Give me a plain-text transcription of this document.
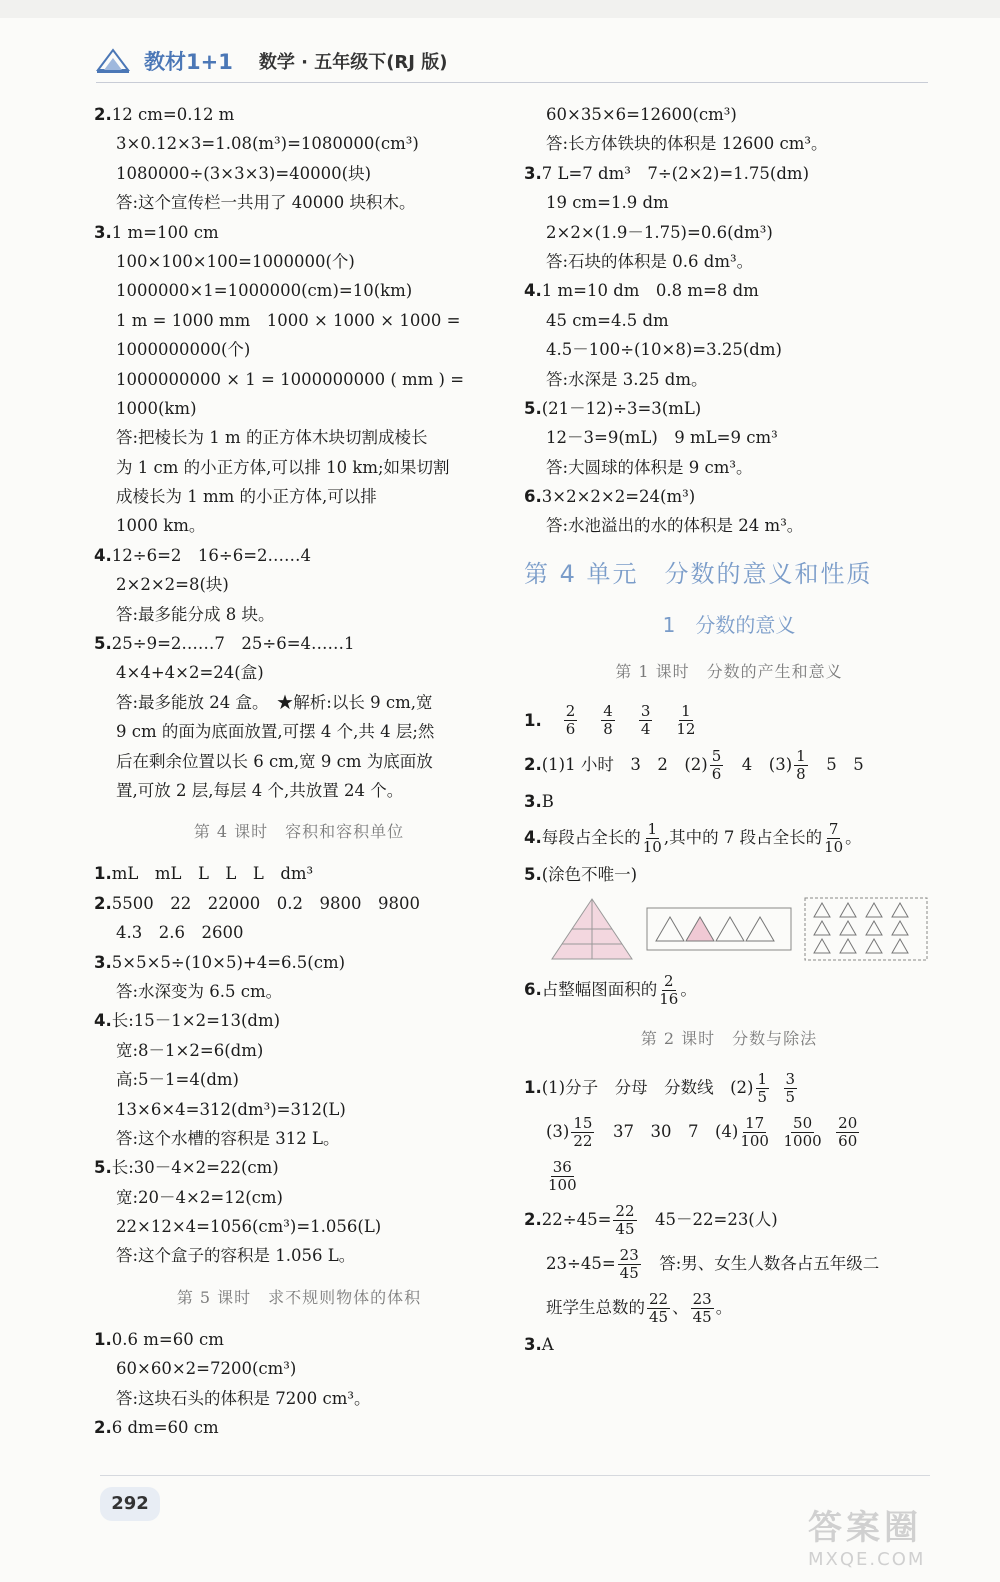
教材1+1 数学 · 五年级下(RJ 版)
2.12 cm=0.12 m
3×0.12×3=1.08(m³)=1080000(cm³)
1080000÷(3×3×3)=40000(块)
答:这个宣传栏一共用了 40000 块积木。
3.1 m=100 cm
100×100×100=1000000(个)
1000000×1=1000000(cm)=10(km)
1 m = 1000 mm　1000 × 1000 × 1000 =
1000000000(个)
1000000000 × 1 = 1000000000 ( mm ) =
1000(km)
答:把棱长为 1 m 的正方体木块切割成棱长
为 1 cm 的小正方体,可以排 10 km;如果切割
成棱长为 1 mm 的小正方体,可以排
1000 km。
4.12÷6=2　16÷6=2……4
2×2×2=8(块)
答:最多能分成 8 块。
5.25÷9=2……7　25÷6=4……1
4×4+4×2=24(盒)
答:最多能放 24 盒。　★解析:以长 9 cm,宽
9 cm 的面为底面放置,可摆 4 个,共 4 层;然
后在剩余位置以长 6 cm,宽 9 cm 为底面放
置,可放 2 层,每层 4 个,共放置 24 个。
第 4 课时　容积和容积单位
1.mL　mL　L　L　L　dm³
2.5500　22　22000　0.2　9800　9800
4.3　2.6　2600
3.5×5×5÷(10×5)+4=6.5(cm)
答:水深变为 6.5 cm。
4.长:15－1×2=13(dm)
宽:8－1×2=6(dm)
高:5－1=4(dm)
13×6×4=312(dm³)=312(L)
答:这个水槽的容积是 312 L。
5.长:30－4×2=22(cm)
宽:20－4×2=12(cm)
22×12×4=1056(cm³)=1.056(L)
答:这个盒子的容积是 1.056 L。
第 5 课时　求不规则物体的体积
1.0.6 m=60 cm
60×60×2=7200(cm³)
答:这块石头的体积是 7200 cm³。
2.6 dm=60 cm
60×35×6=12600(cm³)
答:长方体铁块的体积是 12600 cm³。
3.7 L=7 dm³　7÷(2×2)=1.75(dm)
19 cm=1.9 dm
2×2×(1.9－1.75)=0.6(dm³)
答:石块的体积是 0.6 dm³。
4.1 m=10 dm　0.8 m=8 dm
45 cm=4.5 dm
4.5－100÷(10×8)=3.25(dm)
答:水深是 3.25 dm。
5.(21－12)÷3=3(mL)
12－3=9(mL)　9 mL=9 cm³
答:大圆球的体积是 9 cm³。
6.3×2×2×2=24(m³)
答:水池溢出的水的体积是 24 m³。
第 4 单元　分数的意义和性质
1　分数的意义
第 1 课时　分数的产生和意义
1. $\frac{2}{6} \frac{4}{8} \frac{3}{4} \frac{1}{12}$
2.(1)1 小时　3　2　$(2) \frac{5}{6}$ 　4　$(3) \frac{1}{8}$ 　5　5
3.B
4.每段占全长的 $\frac{1}{10}$ ,其中的 7 段占全长的 $\frac{7}{10}$ 。
5.(涂色不唯一)
6.占整幅图面积的 $\frac{2}{16}$ 。
第 2 课时　分数与除法
1.(1)分子　分母　分数线　$(2) \frac{1}{5}$
$\frac{3}{5}$
$(3) \frac{15}{22}$ 　37　30　7　$(4) \frac{17}{100}$
$\frac{50}{1000}$
$\frac{20}{60}$
$\frac{36}{100}$
$2.22\div 45= \frac{22}{45}$ 　45－22=23(人)
$23\div 45= \frac{23}{45}$ 　答:男、女生人数各占五年级二
班学生总数的 $\frac{22}{45}$ 、 $\frac{23}{45}$ 。
3.A
292
答案圈
MXQE.COM
